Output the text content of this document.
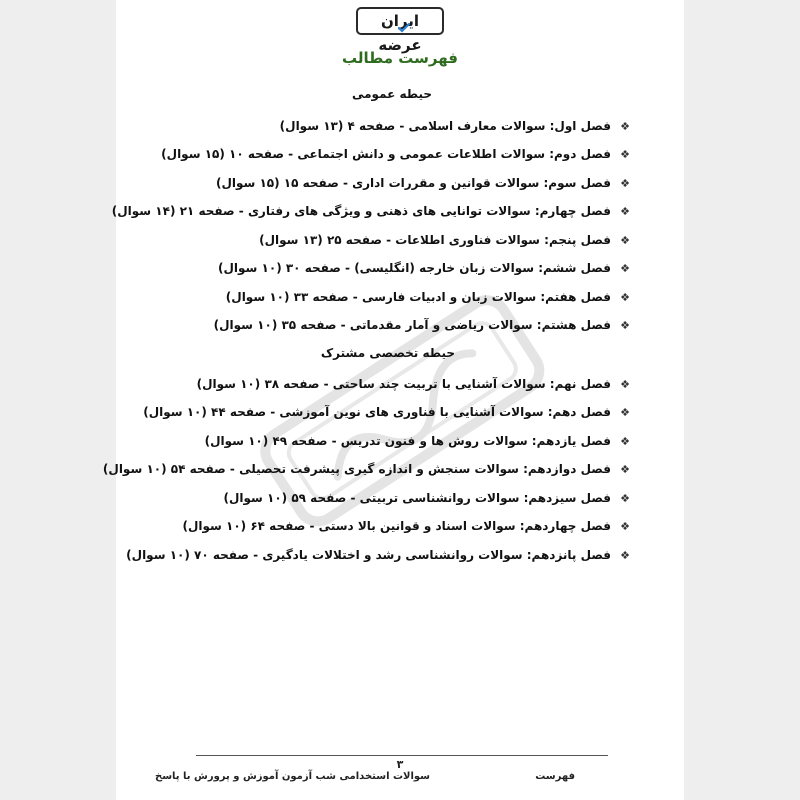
ایران عرضه
فهرست مطالب
حیطه عمومی
❖فصل اول: سوالات معارف اسلامی - صفحه ۴ (۱۳ سوال)
❖فصل دوم: سوالات اطلاعات عمومی و دانش اجتماعی - صفحه ۱۰ (۱۵ سوال)
❖فصل سوم: سوالات قوانین و مقررات اداری - صفحه ۱۵ (۱۵ سوال)
❖فصل چهارم: سوالات توانایی های ذهنی و ویژگی های رفتاری - صفحه ۲۱ (۱۴ سوال)
❖فصل پنجم: سوالات فناوری اطلاعات - صفحه ۲۵ (۱۳ سوال)
❖فصل ششم: سوالات زبان خارجه (انگلیسی) - صفحه ۳۰ (۱۰ سوال)
❖فصل هفتم: سوالات زبان و ادبیات فارسی - صفحه ۳۳ (۱۰ سوال)
❖فصل هشتم: سوالات ریاضی و آمار مقدماتی - صفحه ۳۵ (۱۰ سوال)
حیطه تخصصی مشترک
❖فصل نهم: سوالات آشنایی با تربیت چند ساحتی - صفحه ۳۸ (۱۰ سوال)
❖فصل دهم: سوالات آشنایی با فناوری های نوین آموزشی - صفحه ۴۴ (۱۰ سوال)
❖فصل یازدهم: سوالات روش ها و فنون تدریس - صفحه ۴۹ (۱۰ سوال)
❖فصل دوازدهم: سوالات سنجش و اندازه گیری پیشرفت تحصیلی - صفحه ۵۴ (۱۰ سوال)
❖فصل سیزدهم: سوالات روانشناسی تربیتی - صفحه ۵۹ (۱۰ سوال)
❖فصل چهاردهم: سوالات اسناد و قوانین بالا دستی - صفحه ۶۴ (۱۰ سوال)
❖فصل پانزدهم: سوالات روانشناسی رشد و اختلالات یادگیری - صفحه ۷۰ (۱۰ سوال)
۳
فهرست
سوالات استخدامی شب آزمون آموزش و پرورش با پاسخ
